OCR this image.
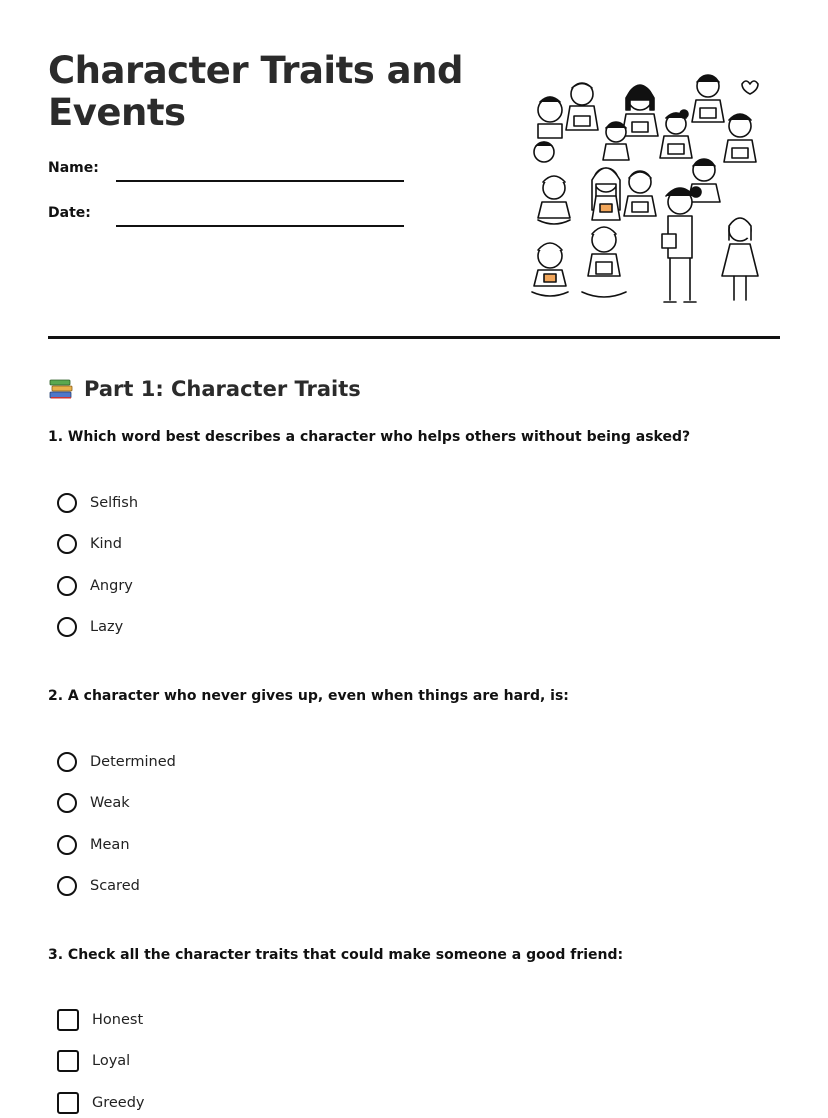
Character Traits and Events
Name:
Date:
Part 1: Character Traits
1. Which word best describes a character who helps others without being asked?
Selfish
Kind
Angry
Lazy
2. A character who never gives up, even when things are hard, is:
Determined
Weak
Mean
Scared
3. Check all the character traits that could make someone a good friend:
Honest
Loyal
Greedy
